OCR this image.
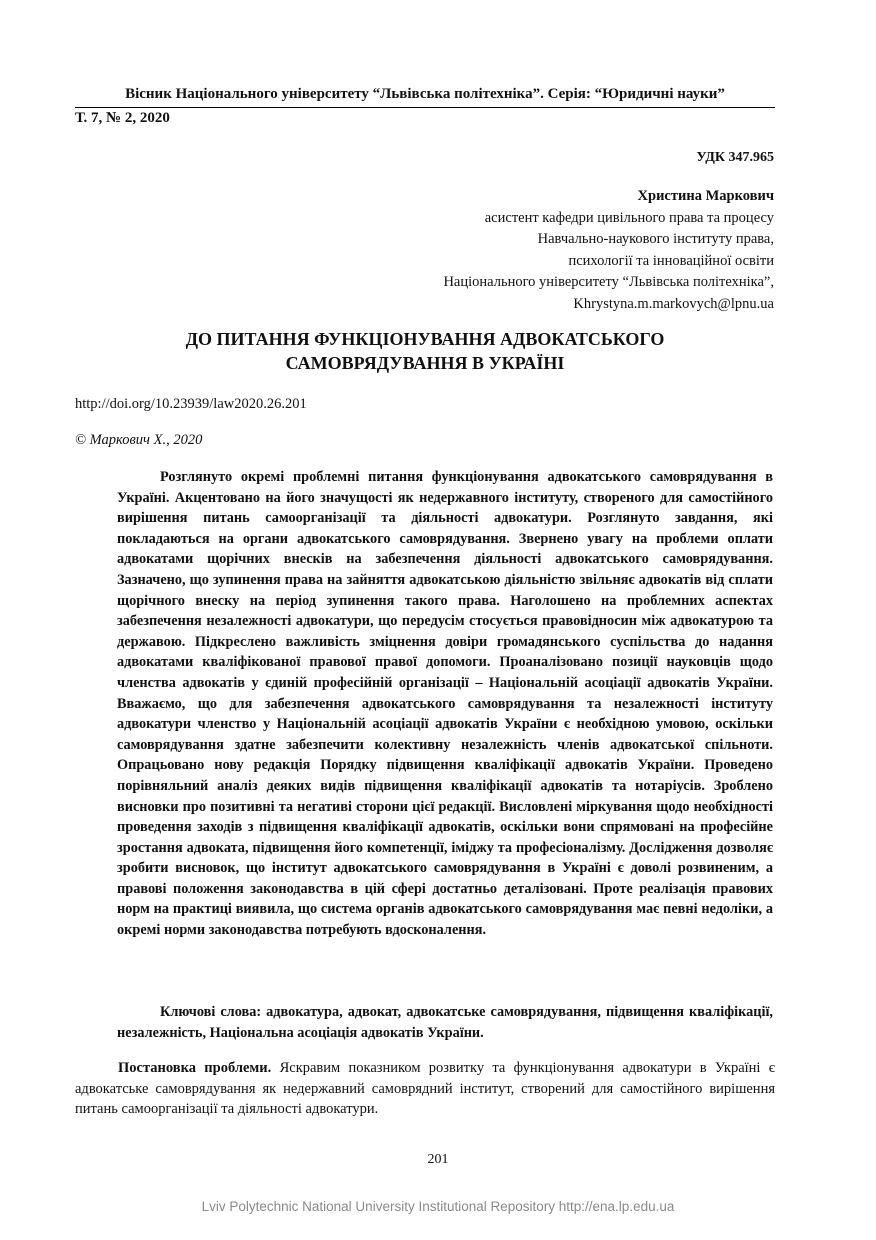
Вісник Національного університету “Львівська політехніка”. Серія: “Юридичні науки”
Т. 7, № 2, 2020
УДК 347.965
Христина Маркович
асистент кафедри цивільного права та процесу
Навчально-наукового інституту права,
психології та інноваційної освіти
Національного університету “Львівська політехніка”,
Khrystyna.m.markovych@lpnu.ua
ДО ПИТАННЯ ФУНКЦІОНУВАННЯ АДВОКАТСЬКОГО
САМОВРЯДУВАННЯ В УКРАЇНІ
http://doi.org/10.23939/law2020.26.201
© Маркович Х., 2020

Розглянуто окремі проблемні питання функціонування адвокатського самоврядування в Україні. Акцентовано на його значущості як недержавного інституту, створеного для самостійного вирішення питань самоорганізації та діяльності адвокатури. Розглянуто завдання, які покладаються на органи адвокатського самоврядування. Звернено увагу на проблеми оплати адвокатами щорічних внесків на забезпечення діяльності адвокатського самоврядування. Зазначено, що зупинення права на зайняття адвокатською діяльністю звільняє адвокатів від сплати щорічного внеску на період зупинення такого права. Наголошено на проблемних аспектах забезпечення незалежності адвокатури, що передусім стосується правовідносин між адвокатурою та державою. Підкреслено важливість зміцнення довіри громадянського суспільства до надання адвокатами кваліфікованої правової правої допомоги. Проаналізовано позиції науковців щодо членства адвокатів у єдиній професійній організації – Національній асоціації адвокатів України. Вважаємо, що для забезпечення адвокатського самоврядування та незалежності інституту адвокатури членство у Національній асоціації адвокатів України є необхідною умовою, оскільки самоврядування здатне забезпечити колективну незалежність членів адвокатської спільноти. Опрацьовано нову редакція Порядку підвищення кваліфікації адвокатів України. Проведено порівняльний аналіз деяких видів підвищення кваліфікації адвокатів та нотаріусів. Зроблено висновки про позитивні та негативі сторони цієї редакції. Висловлені міркування щодо необхідності проведення заходів з підвищення кваліфікації адвокатів, оскільки вони спрямовані на професійне зростання адвоката, підвищення його компетенції, іміджу та професіоналізму. Дослідження дозволяє зробити висновок, що інститут адвокатського самоврядування в Україні є доволі розвиненим, а правові положення законодавства в цій сфері достатньо деталізовані. Проте реалізація правових норм на практиці виявила, що система органів адвокатського самоврядування має певні недоліки, а окремі норми законодавства потребують вдосконалення.

Ключові слова: адвокатура, адвокат, адвокатське самоврядування, підвищення кваліфікації, незалежність, Національна асоціація адвокатів України.

Постановка проблеми. Яскравим показником розвитку та функціонування адвокатури в Україні є адвокатське самоврядування як недержавний самоврядний інститут, створений для самостійного вирішення питань самоорганізації та діяльності адвокатури.

201
Lviv Polytechnic National University Institutional Repository http://ena.lp.edu.ua
